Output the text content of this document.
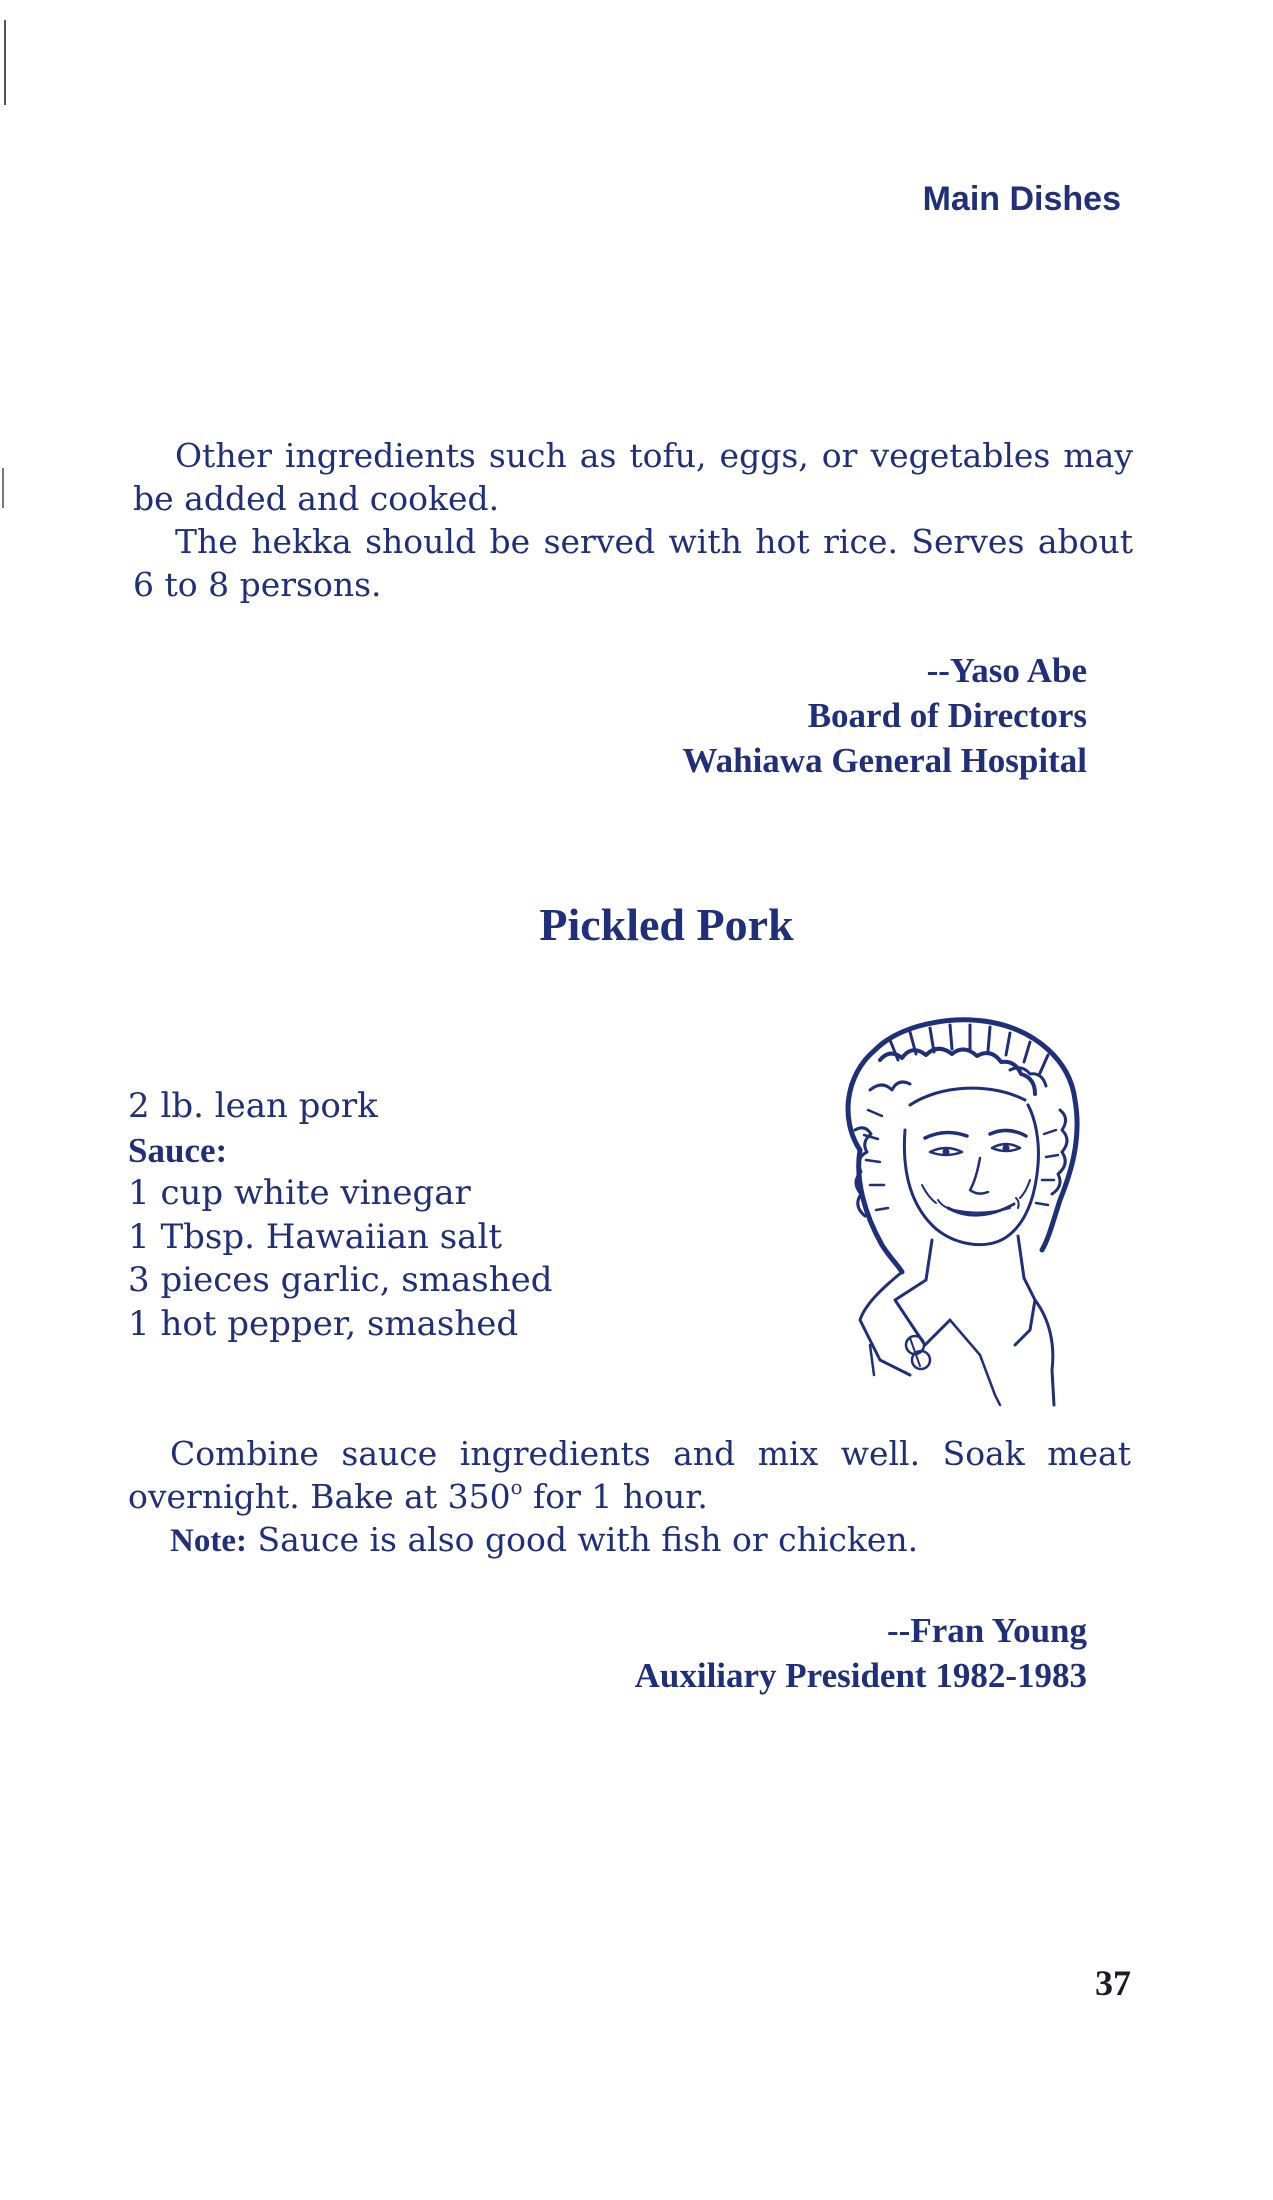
Main Dishes

Other ingredients such as tofu, eggs, or vegetables may be added and cooked.

The hekka should be served with hot rice. Serves about 6 to 8 persons.

--Yaso Abe
Board of Directors
Wahiawa General Hospital
Pickled Pork
2 lb. lean pork
Sauce:
1 cup white vinegar
1 Tbsp. Hawaiian salt
3 pieces garlic, smashed
1 hot pepper, smashed

Combine sauce ingredients and mix well. Soak meat overnight. Bake at 350$^o$ for 1 hour.

Note: Sauce is also good with fish or chicken.

--Fran Young
Auxiliary President 1982-1983
37
